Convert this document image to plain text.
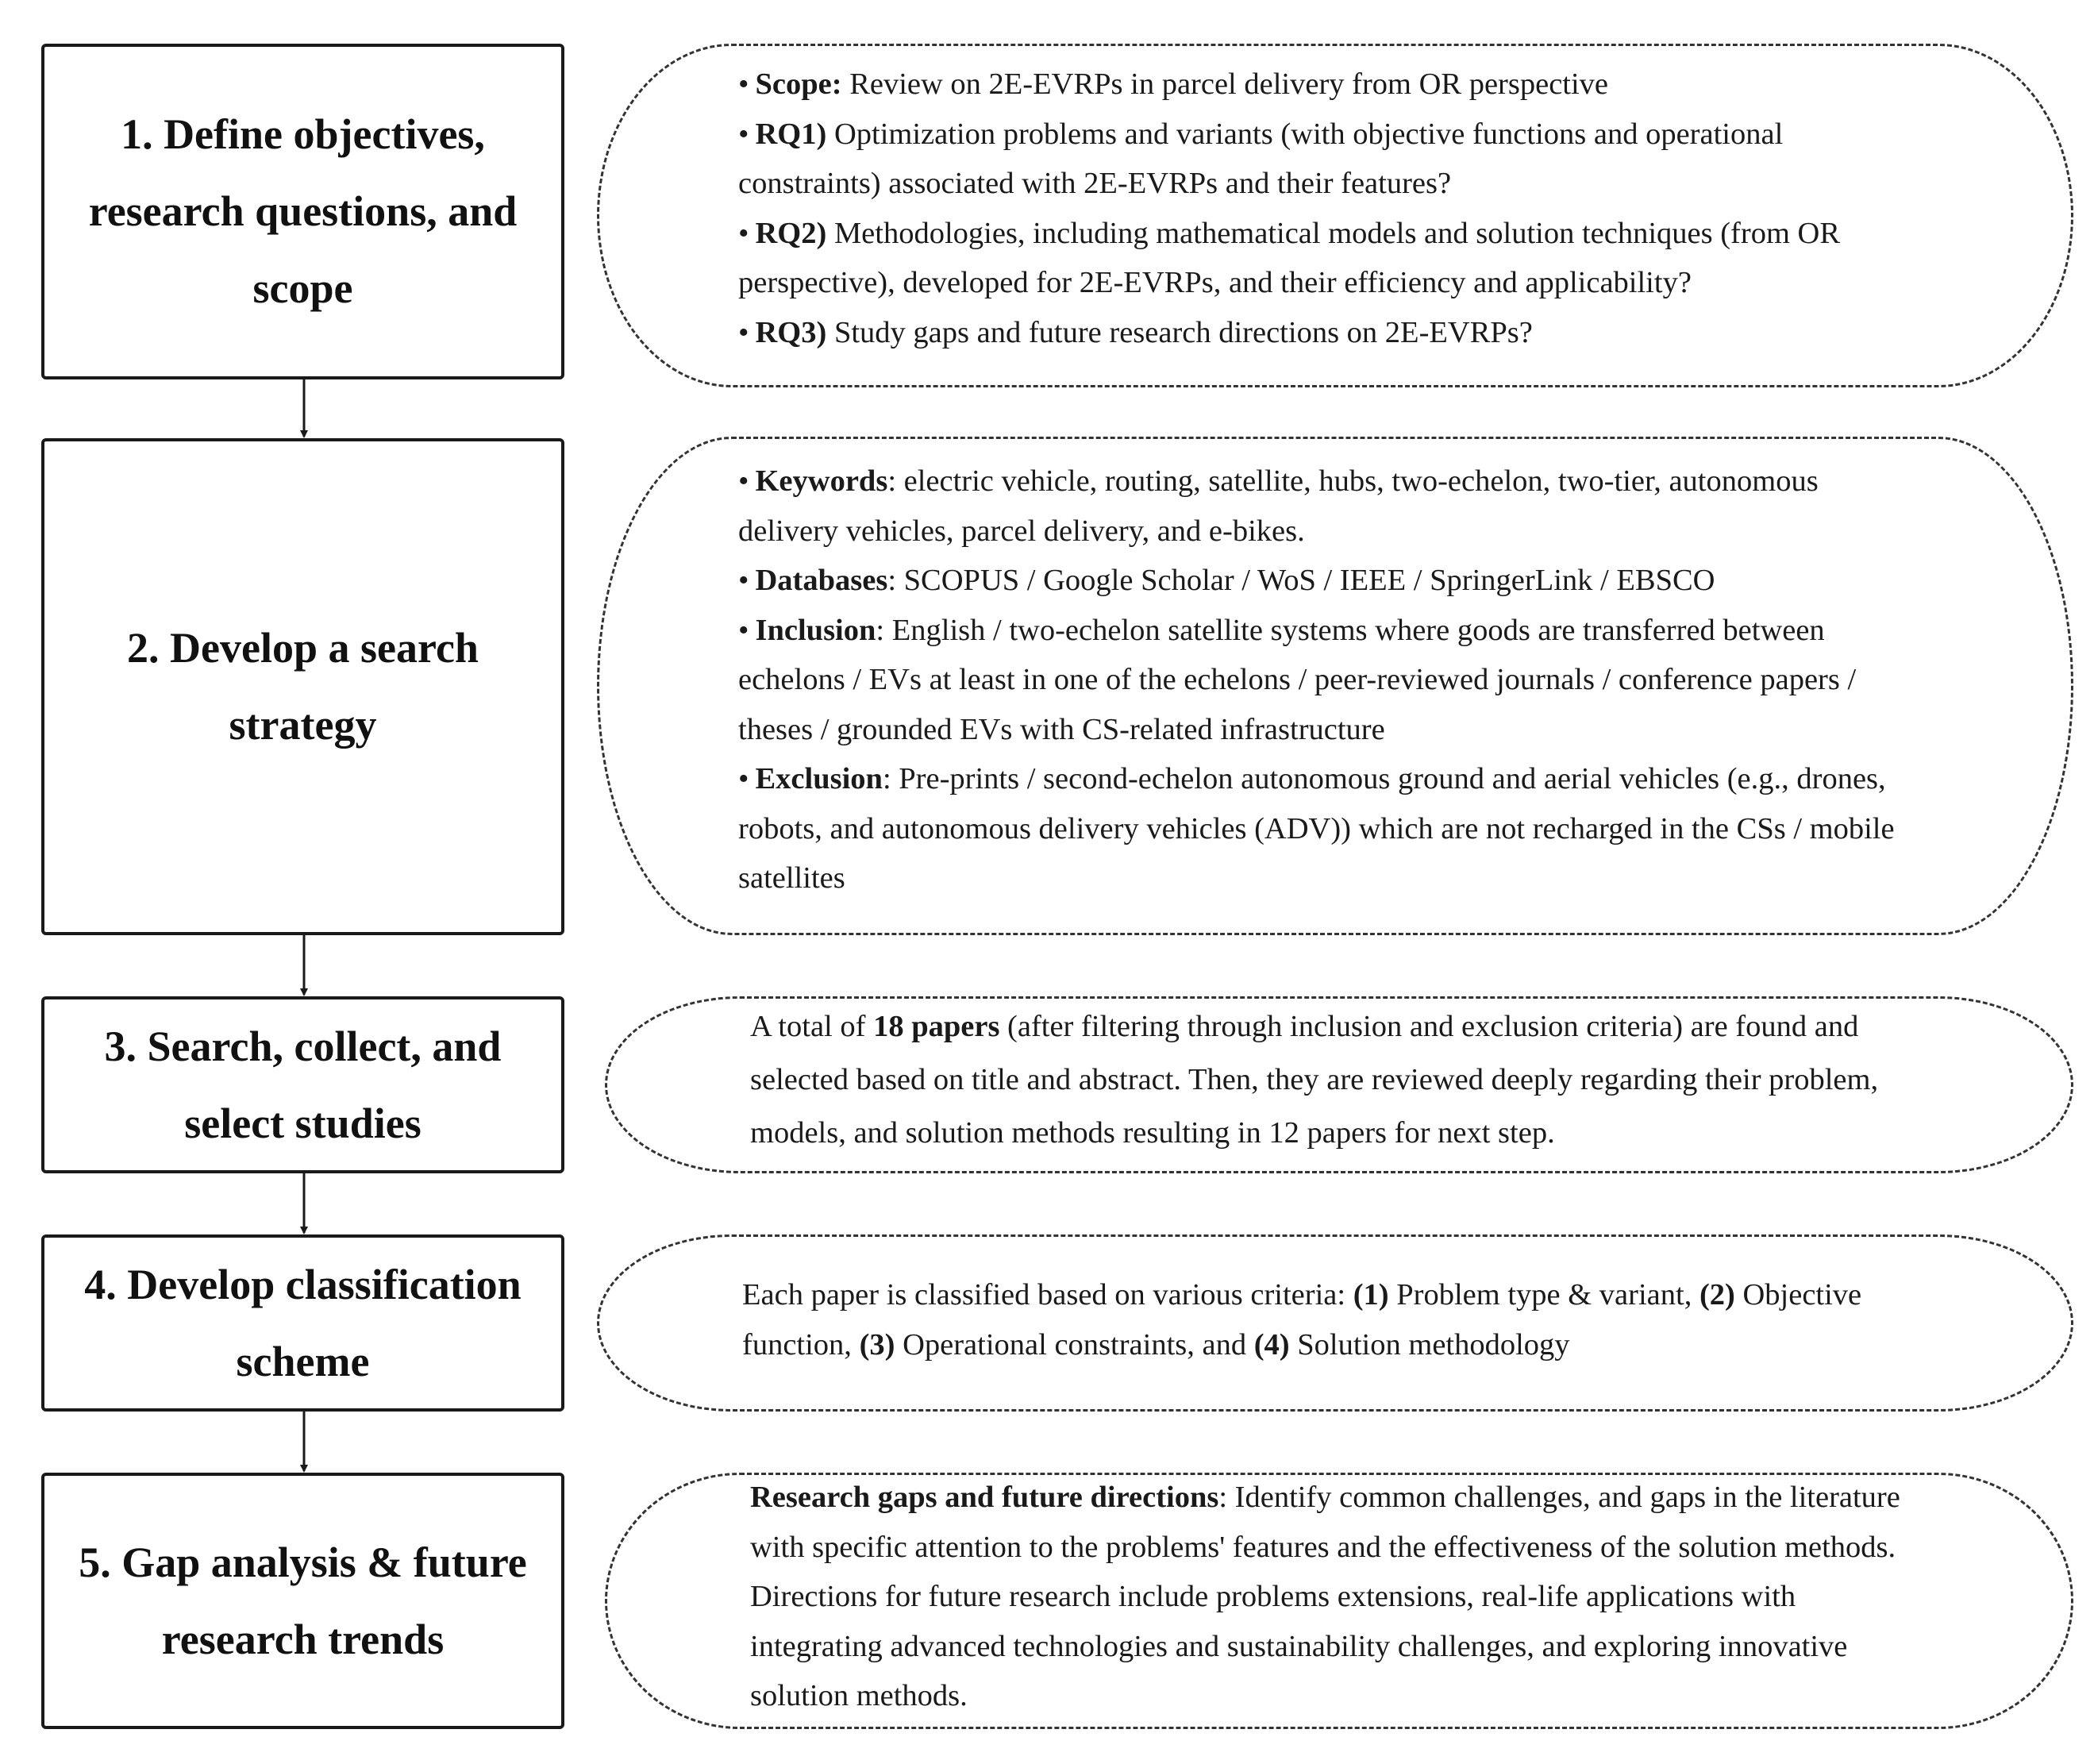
1. Define objectives, research questions, and scope
2. Develop a search strategy
3. Search, collect, and select studies
4. Develop classification scheme
5. Gap analysis & future research trends

• Scope: Review on 2E-EVRPs in parcel delivery from OR perspective

• RQ1) Optimization problems and variants (with objective functions and operational constraints) associated with 2E-EVRPs and their features?

• RQ2) Methodologies, including mathematical models and solution techniques (from OR perspective), developed for 2E-EVRPs, and their efficiency and applicability?

• RQ3) Study gaps and future research directions on 2E-EVRPs?

• Keywords: electric vehicle, routing, satellite, hubs, two-echelon, two-tier, autonomous delivery vehicles, parcel delivery, and e-bikes.

• Databases: SCOPUS / Google Scholar / WoS / IEEE / SpringerLink / EBSCO

• Inclusion: English / two-echelon satellite systems where goods are transferred between echelons / EVs at least in one of the echelons / peer-reviewed journals / conference papers / theses / grounded EVs with CS-related infrastructure

• Exclusion: Pre-prints / second-echelon autonomous ground and aerial vehicles (e.g., drones, robots, and autonomous delivery vehicles (ADV)) which are not recharged in the CSs / mobile satellites

A total of 18 papers (after filtering through inclusion and exclusion criteria) are found and selected based on title and abstract. Then, they are reviewed deeply regarding their problem, models, and solution methods resulting in 12 papers for next step.

Each paper is classified based on various criteria: (1) Problem type & variant, (2) Objective function, (3) Operational constraints, and (4) Solution methodology

Research gaps and future directions: Identify common challenges, and gaps in the literature with specific attention to the problems' features and the effectiveness of the solution methods. Directions for future research include problems extensions, real-life applications with integrating advanced technologies and sustainability challenges, and exploring innovative solution methods.
